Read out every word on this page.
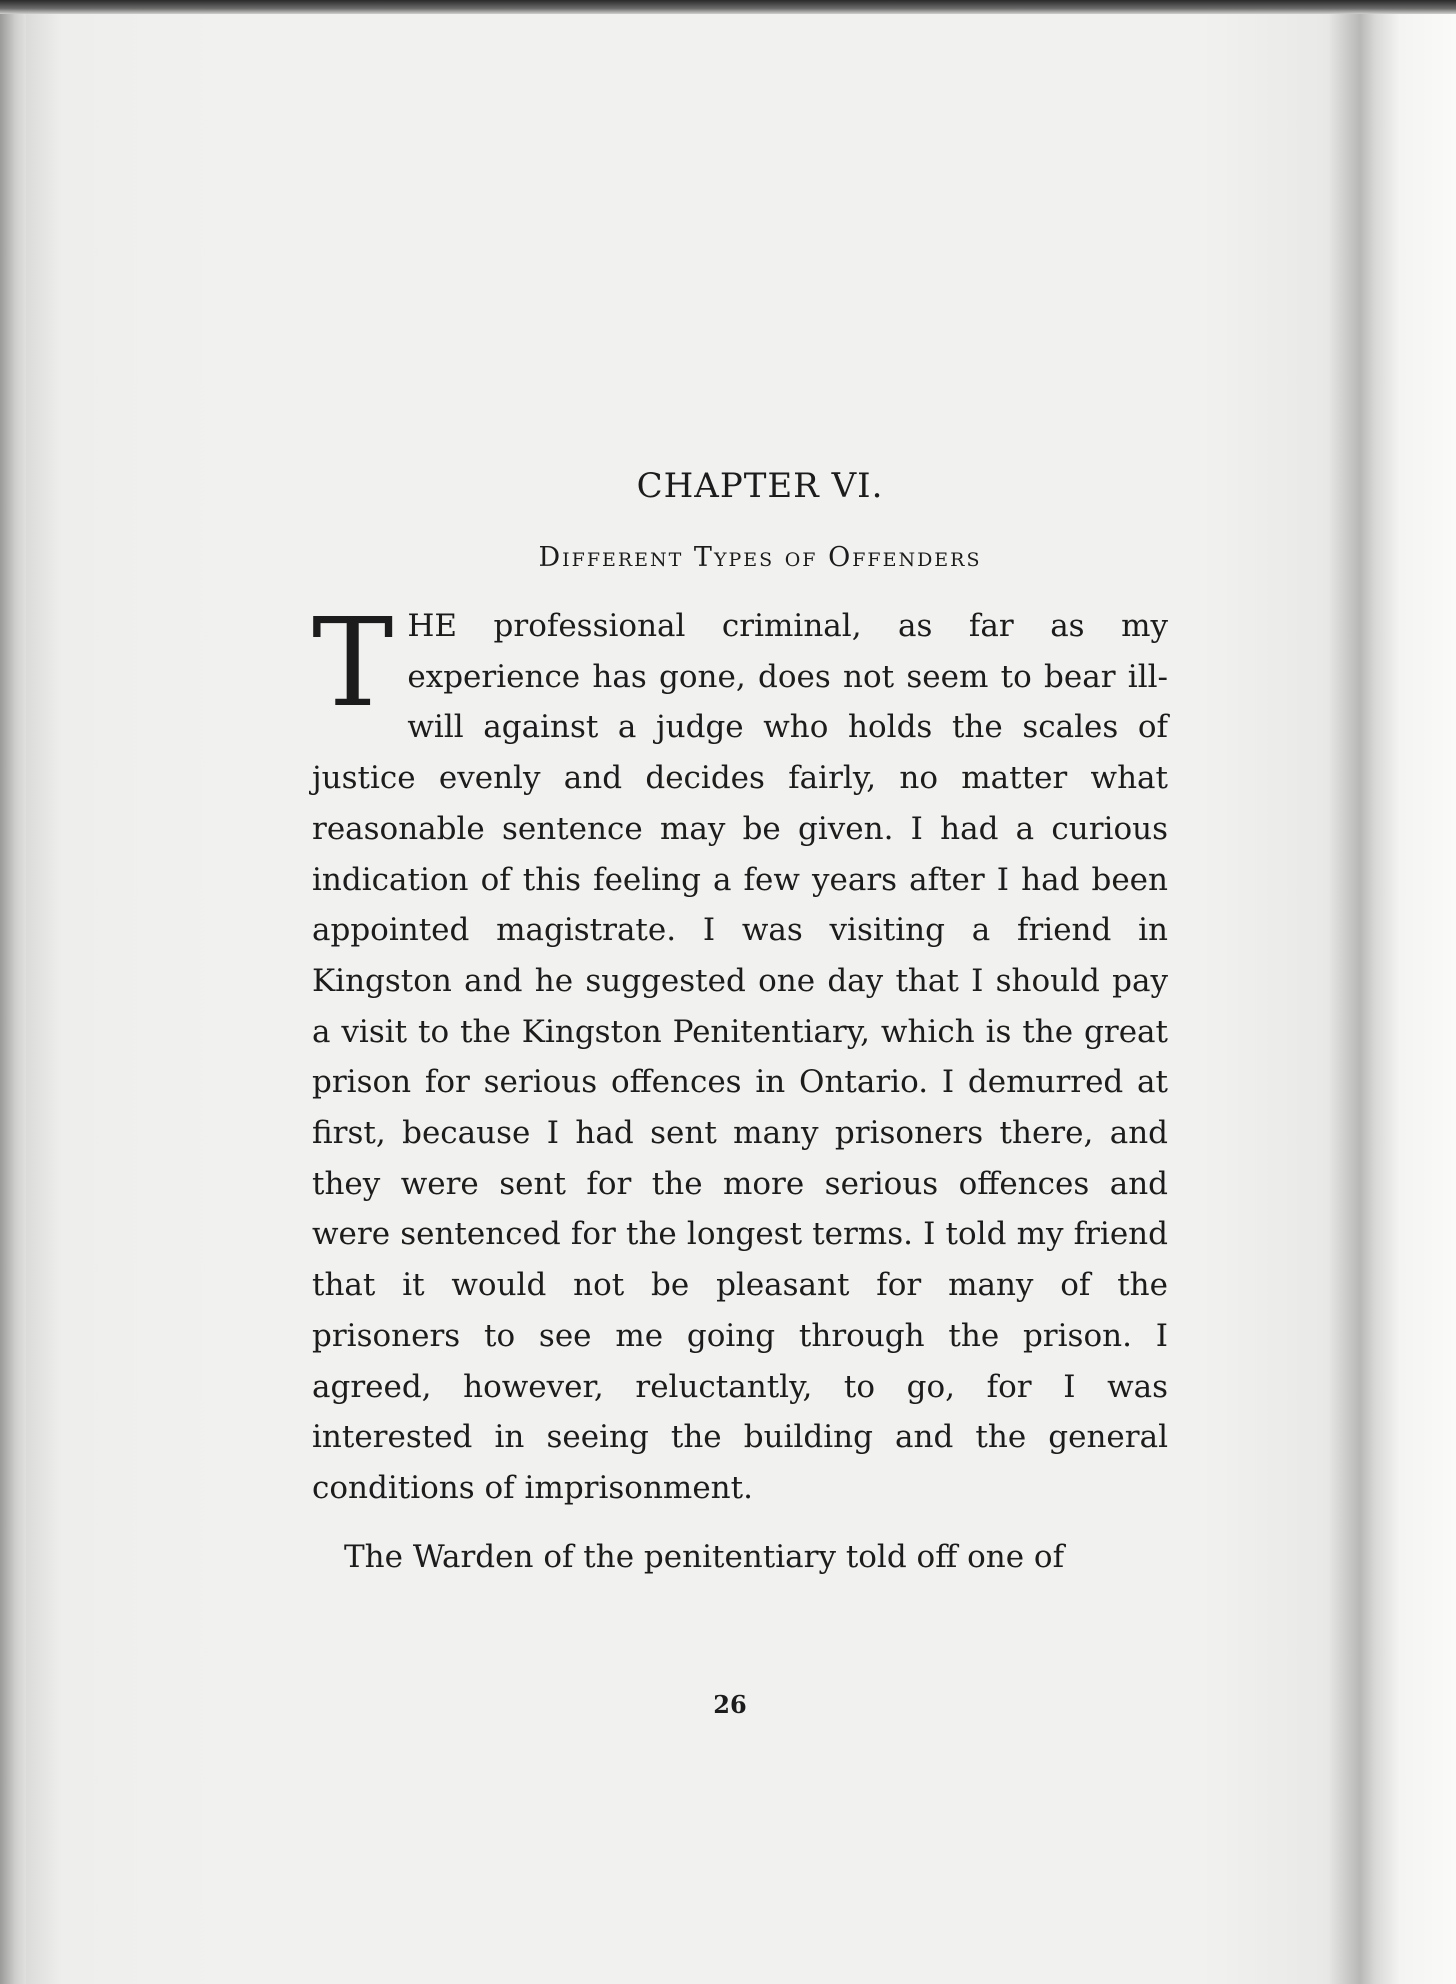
CHAPTER VI.
Different Types of Offenders

THE professional criminal, as far as my experience has gone, does not seem to bear ill-will against a judge who holds the scales of justice evenly and decides fairly, no matter what reasonable sentence may be given. I had a curious indication of this feeling a few years after I had been appointed magistrate. I was visiting a friend in Kingston and he suggested one day that I should pay a visit to the Kingston Penitentiary, which is the great prison for serious offences in Ontario. I demurred at first, because I had sent many prisoners there, and they were sent for the more serious offences and were sentenced for the longest terms. I told my friend that it would not be pleasant for many of the prisoners to see me going through the prison. I agreed, however, reluctantly, to go, for I was interested in seeing the building and the general conditions of imprisonment.

The Warden of the penitentiary told off one of

26
